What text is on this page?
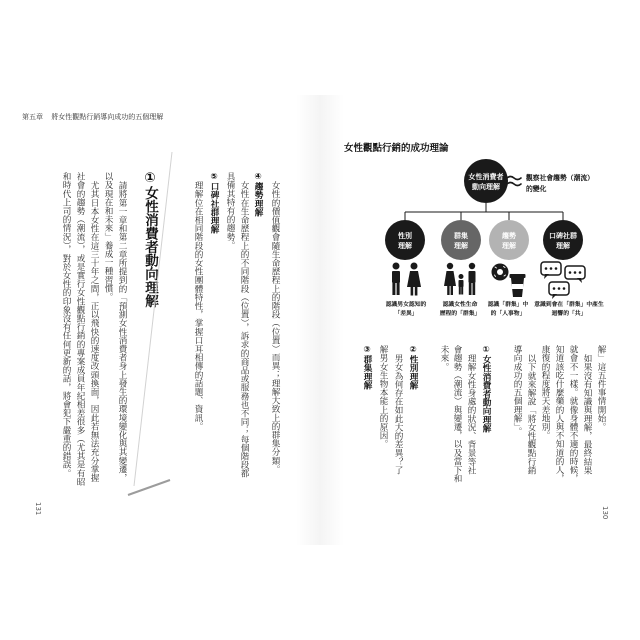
第五章 將女性觀點行銷導向成功的五個理解
女性的價值觀會隨生命歷程上的階段（位置）而異；理解大致上的群集分類。
④趨勢理解
女性在生命歷程上的不同階段（位置），訴求的商品或服務也不同；每個階段都
具備其特有的趨勢。
⑤口碑社群理解
理解位在相同階段的女性團體特性，掌握口耳相傳的話題、資訊。
①女性消費者動向理解
請將第一章和第二章所提到的「預測女性消費者身上發生的環境變化與其變遷，
以及現在和未來」養成一種習慣。
尤其日本女性在這三十年之間，正以飛快的速度改頭換面，因此若無法充分掌握
社會的趨勢（潮流），或是實行女性觀點行銷的專案成員年紀相差很多（尤其是有昭
和時代上司的情況），對於女性的印象沒有任何更新的話，將會犯下嚴重的錯誤。
131
解」這五件事情開始。
如果沒有知識與理解，最終結果
就會不一樣。就像身體不適的時候，
知道該吃什麼藥的人與不知道的人，
康復的程度將天差地別。
以下就來解說「將女性觀點行銷
導向成功的五個理解」。
①女性消費者動向理解
理解女性身處的狀況、背景等社
會趨勢（潮流）與變遷，以及當下和
未來。
②性別理解
男女為何存在如此大的差異？了
解男女生物本能上的原因。
③群集理解
130
女性觀點行銷的成功理論
女性消費者
動向理解
觀察社會趨勢（潮流）
的變化
性別
理解
群集
理解
趨勢
理解
口碑社群
理解
認識男女認知的
「差異」
認識女性生命
歷程的「群集」
認識「群集」中
的「人事物」
意識到會在「群集」中產生
迴響的「共」
